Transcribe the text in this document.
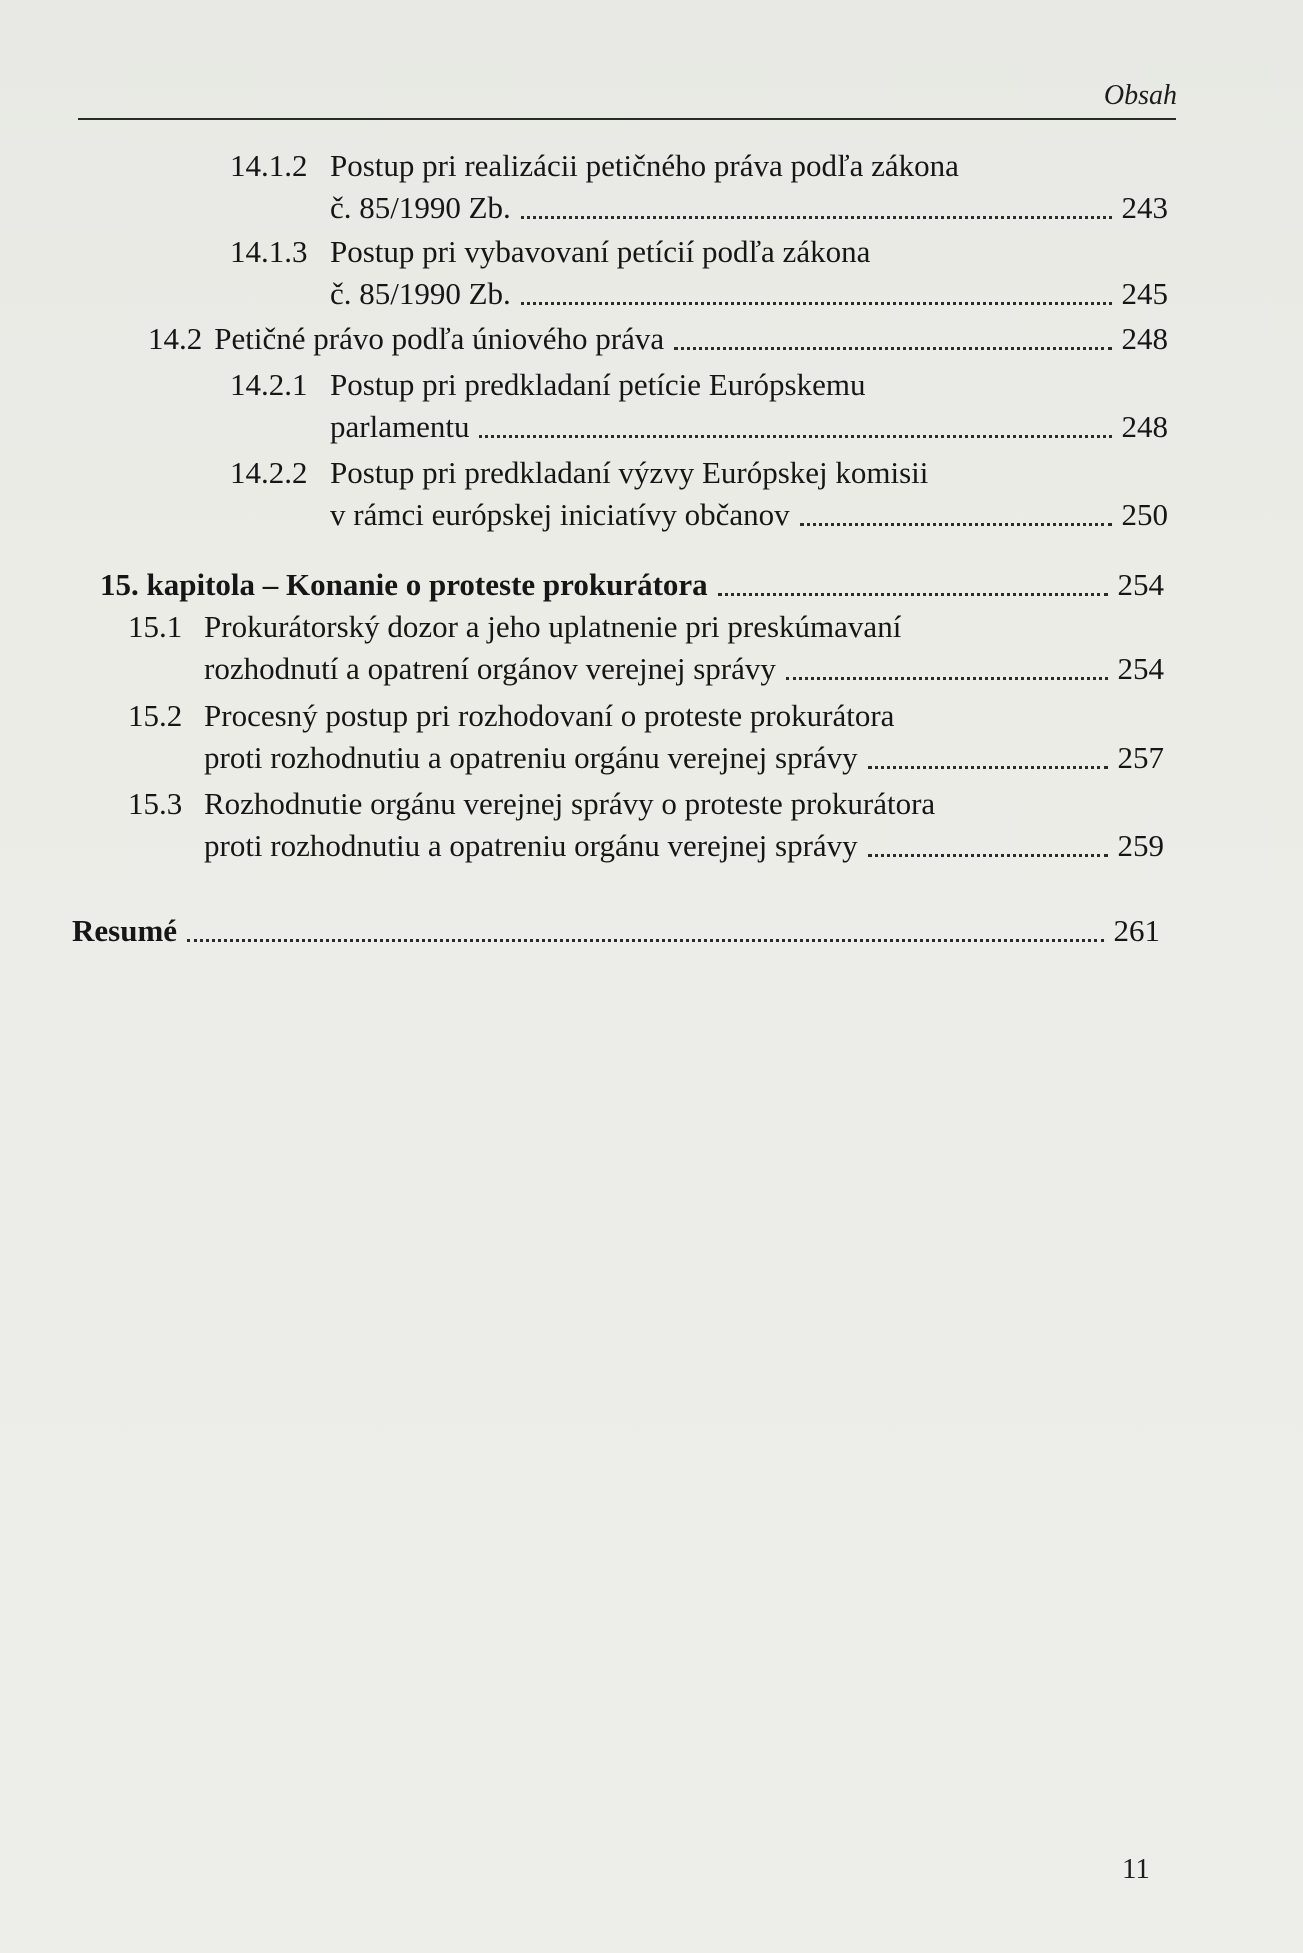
Obsah
14.1.2 Postup pri realizácii petičného práva podľa zákona
č. 85/1990 Zb.	243
14.1.3 Postup pri vybavovaní petícií podľa zákona
č. 85/1990 Zb.	245
14.2 Petičné právo podľa úniového práva	248
14.2.1 Postup pri predkladaní petície Európskemu
parlamentu	248
14.2.2 Postup pri predkladaní výzvy Európskej komisii
v rámci európskej iniciatívy občanov	250
15. kapitola – Konanie o proteste prokurátora	254
15.1 Prokurátorský dozor a jeho uplatnenie pri preskúmavaní
rozhodnutí a opatrení orgánov verejnej správy	254
15.2 Procesný postup pri rozhodovaní o proteste prokurátora
proti rozhodnutiu a opatreniu orgánu verejnej správy	257
15.3 Rozhodnutie orgánu verejnej správy o proteste prokurátora
proti rozhodnutiu a opatreniu orgánu verejnej správy	259
Resumé	261
11
